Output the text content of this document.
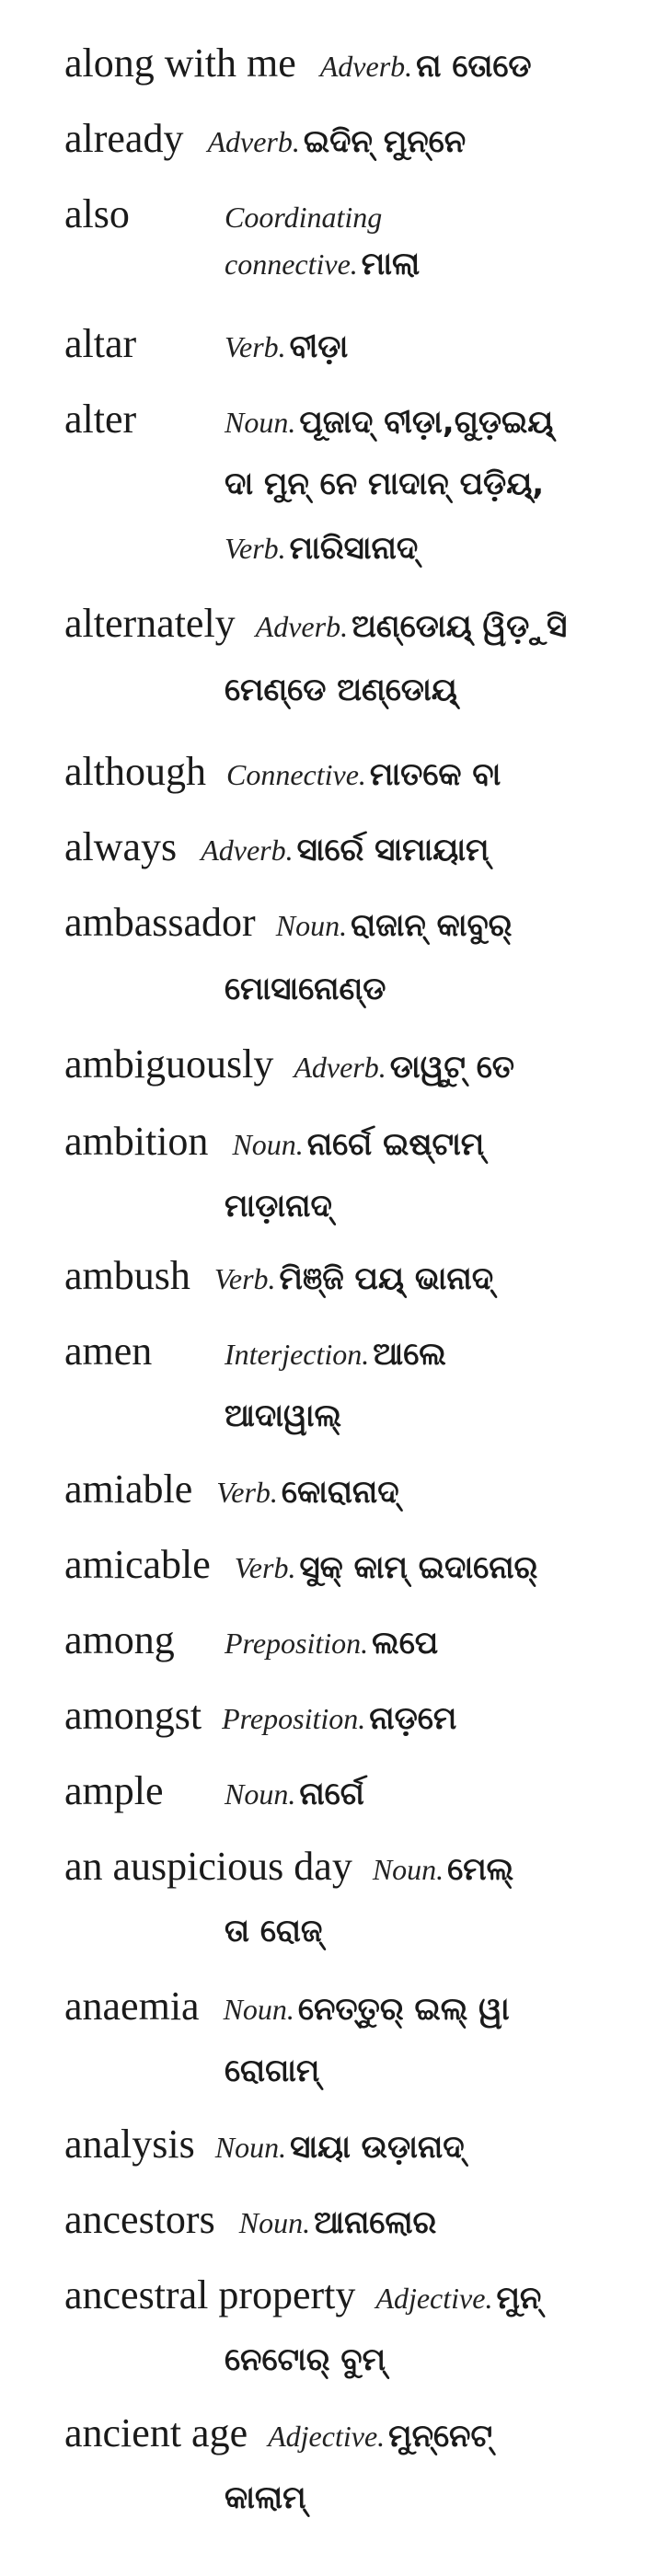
along with me Adverb. ନା ତୋଡେ
already Adverb. ଇଦିନ୍ ମୁନ୍ନେ
also	Coordinating
connective. ମାଲା
altar	Verb. ବୀଡ଼ା
alter	Noun. ପୂଜାଦ୍ ବୀଡ଼ା,ଗୁଡ଼ଇୟ୍
ଦା ମୁନ୍ ନେ ମାଦାନ୍ ପଡ଼ିୟ୍,
Verb. ମାରିସାନାଦ୍
alternately Adverb. ଅଣ୍ଡୋୟ୍ ୱିଡ଼ୁସି
ମେଣ୍ଡେ ଅଣ୍ଡୋୟ୍
although Connective. ମାତକେ ବା
always Adverb. ସାର୍ରେ ସାମାୟାମ୍
ambassador Noun. ରାଜାନ୍ କାବୁର୍
ମୋସାନୋଣ୍ଡ
ambiguously Adverb. ଡାୱୁଟ୍ ତେ
ambition Noun. ନାର୍ଗେ ଇଷ୍ଟାମ୍
ମାଡ଼ାନାଦ୍
ambush Verb. ମିଞ୍ଜି ପୟ୍ ଭାନାଦ୍
amen Interjection. ଆଲେ
ଆଦାୱାଲ୍
amiable Verb. କୋରାନାଦ୍
amicable Verb. ସୁକ୍ କାମ୍ ଇଦାନୋର୍
among Preposition. ଲପେ
amongst Preposition. ନାଡ଼ମେ
ample Noun. ନାର୍ଗେ
an auspicious day Noun. ମେଲ୍
ତା ରୋଜ୍
anaemia Noun. ନେତ୍ତୁର୍ ଇଲ୍ ୱା
ରୋଗାମ୍
analysis Noun. ସାୟା ଉଡ଼ାନାଦ୍
ancestors Noun. ଆନାଲୋର
ancestral property Adjective. ମୁନ୍
ନେଟୋର୍ ବୁମ୍
ancient age Adjective. ମୁନ୍ନେଟ୍
କାଲାମ୍
